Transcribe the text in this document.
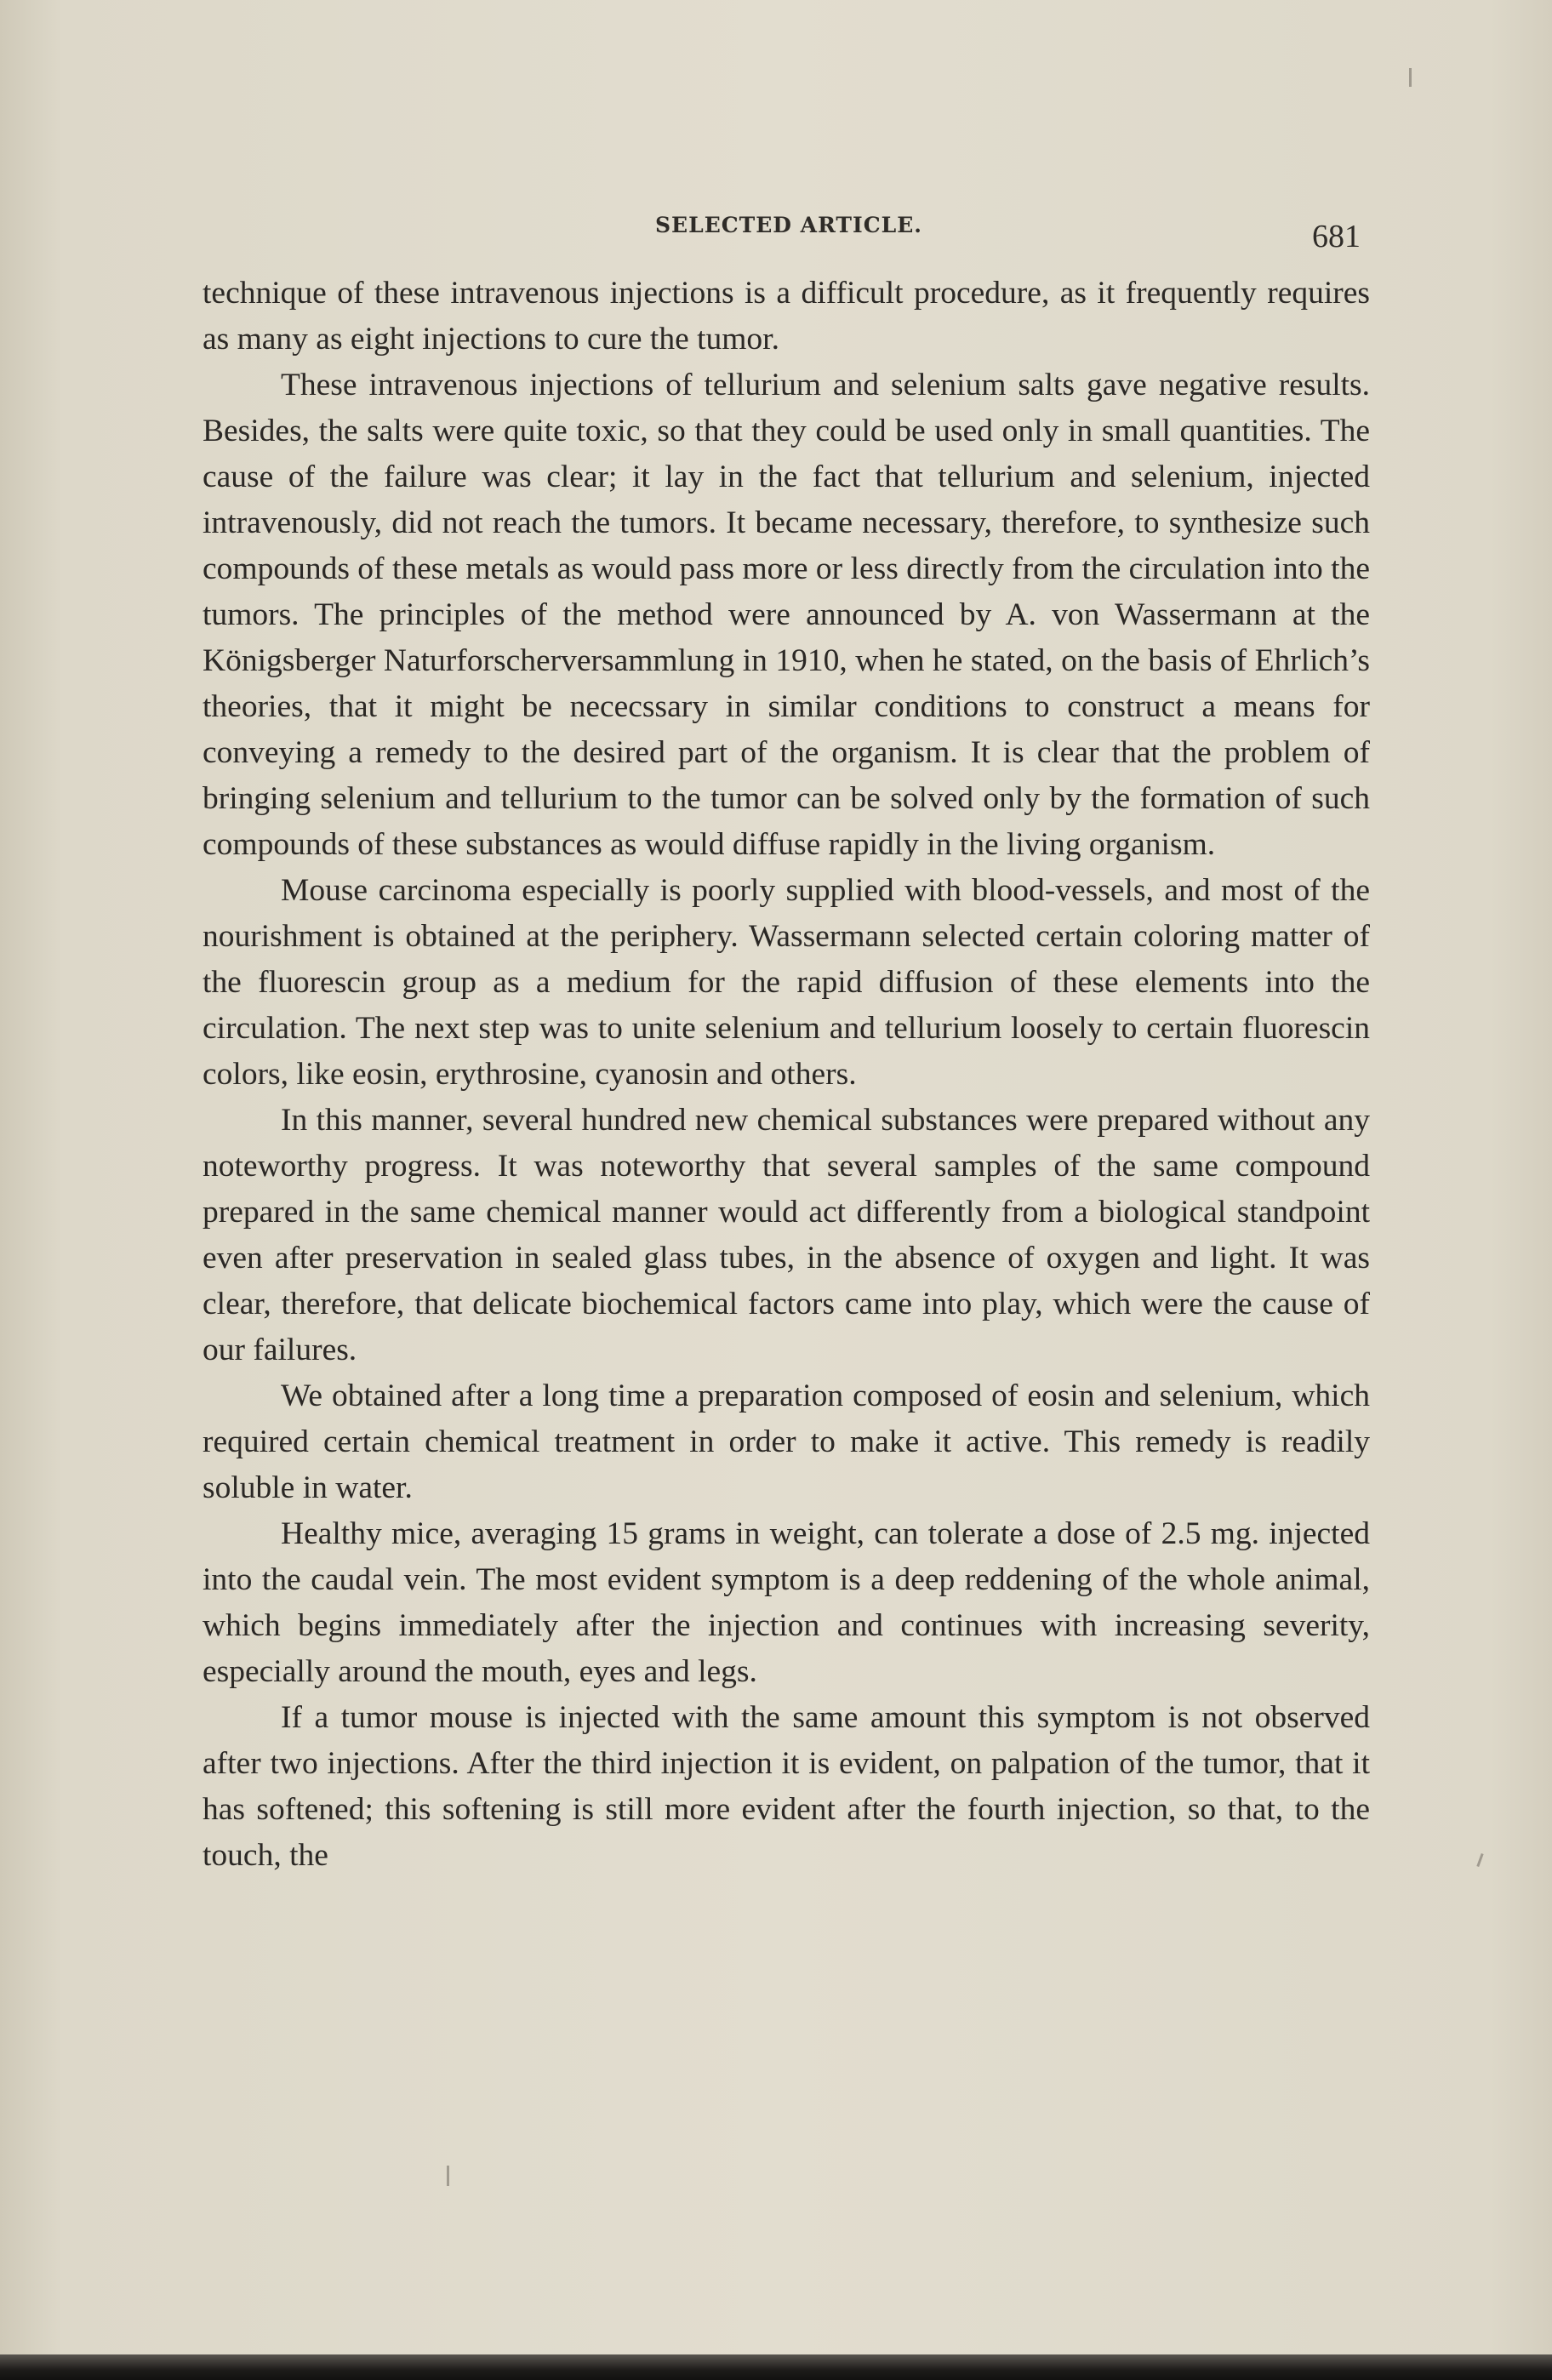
SELECTED ARTICLE.	681

technique of these intravenous injections is a difficult procedure, as it frequently requires as many as eight injections to cure the tumor.

These intravenous injections of tellurium and selenium salts gave negative results. Besides, the salts were quite toxic, so that they could be used only in small quantities. The cause of the failure was clear; it lay in the fact that tellurium and selenium, injected intravenously, did not reach the tumors. It became necessary, therefore, to synthesize such compounds of these metals as would pass more or less directly from the circulation into the tumors. The principles of the method were announced by A. von Wassermann at the Königsberger Naturforscherversammlung in 1910, when he stated, on the basis of Ehrlich’s theories, that it might be nececssary in similar conditions to construct a means for conveying a remedy to the desired part of the organism. It is clear that the problem of bringing selenium and tellurium to the tumor can be solved only by the formation of such compounds of these substances as would diffuse rapidly in the living organism.

Mouse carcinoma especially is poorly supplied with blood-vessels, and most of the nourishment is obtained at the periphery. Wassermann selected certain coloring matter of the fluorescin group as a medium for the rapid diffusion of these elements into the circulation. The next step was to unite selenium and tellurium loosely to certain fluorescin colors, like eosin, erythrosine, cyanosin and others.

In this manner, several hundred new chemical substances were prepared without any noteworthy progress. It was noteworthy that several samples of the same compound prepared in the same chemical manner would act differently from a biological standpoint even after preservation in sealed glass tubes, in the absence of oxygen and light. It was clear, therefore, that delicate biochemical factors came into play, which were the cause of our failures.

We obtained after a long time a preparation composed of eosin and selenium, which required certain chemical treatment in order to make it active. This remedy is readily soluble in water.

Healthy mice, averaging 15 grams in weight, can tolerate a dose of 2.5 mg. injected into the caudal vein. The most evident symptom is a deep reddening of the whole animal, which begins immediately after the injection and continues with increasing severity, especially around the mouth, eyes and legs.

If a tumor mouse is injected with the same amount this symptom is not observed after two injections. After the third injection it is evident, on palpation of the tumor, that it has softened; this softening is still more evident after the fourth injection, so that, to the touch, the
